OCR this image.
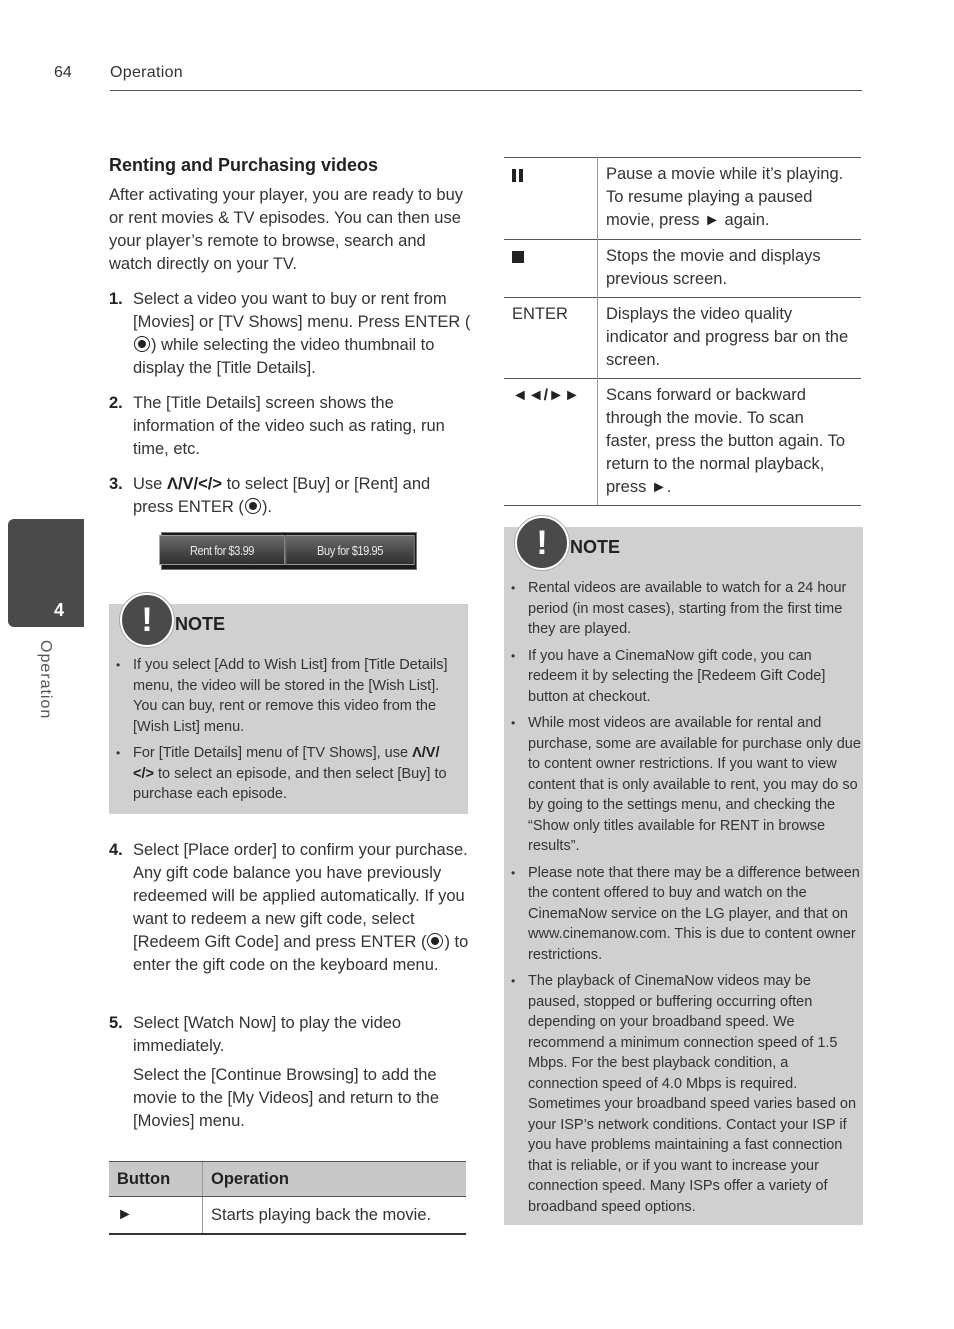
64 Operation
4
Operation
Renting and Purchasing videos
After activating your player, you are ready to buy or rent movies & TV episodes. You can then use your player’s remote to browse, search and watch directly on your TV.
1. Select a video you want to buy or rent from [Movies] or [TV Shows] menu. Press ENTER () while selecting the video thumbnail to display the [Title Details].
2. The [Title Details] screen shows the information of the video such as rating, run time, etc.
3. Use Λ/V/</> to select [Buy] or [Rent] and press ENTER ( ).
Rent for $3.99	Buy for $19.95
!	NOTE
• If you select [Add to Wish List] from [Title Details] menu, the video will be stored in the [Wish List]. You can buy, rent or remove this video from the [Wish List] menu.
• For [Title Details] menu of [TV Shows], use Λ/V/ </> to select an episode, and then select [Buy] to purchase each episode.
4. Select [Place order] to confirm your purchase. Any gift code balance you have previously redeemed will be applied automatically. If you want to redeem a new gift code, select [Redeem Gift Code] and press ENTER ( ) to enter the gift code on the keyboard menu.
5. Select [Watch Now] to play the video immediately.
Select the [Continue Browsing] to add the movie to the [My Videos] and return to the [Movies] menu.
Button	Operation
►	Starts playing back the movie.
	Pause a movie while it’s playing. To resume playing a paused movie, press ► again.
	Stops the movie and displays previous screen.
ENTER	Displays the video quality indicator and progress bar on the screen.
◄◄/►►	Scans forward or backward through the movie. To scan faster, press the button again. To return to the normal playback, press ►.
!	NOTE
• Rental videos are available to watch for a 24 hour period (in most cases), starting from the first time they are played.
• If you have a CinemaNow gift code, you can redeem it by selecting the [Redeem Gift Code] button at checkout.
• While most videos are available for rental and purchase, some are available for purchase only due to content owner restrictions. If you want to view content that is only available to rent, you may do so by going to the settings menu, and checking the “Show only titles available for RENT in browse results”.
• Please note that there may be a difference between the content offered to buy and watch on the CinemaNow service on the LG player, and that on www.cinemanow.com. This is due to content owner restrictions.
• The playback of CinemaNow videos may be paused, stopped or buffering occurring often depending on your broadband speed. We recommend a minimum connection speed of 1.5 Mbps. For the best playback condition, a connection speed of 4.0 Mbps is required. Sometimes your broadband speed varies based on your ISP’s network conditions. Contact your ISP if you have problems maintaining a fast connection that is reliable, or if you want to increase your connection speed. Many ISPs offer a variety of broadband speed options.
